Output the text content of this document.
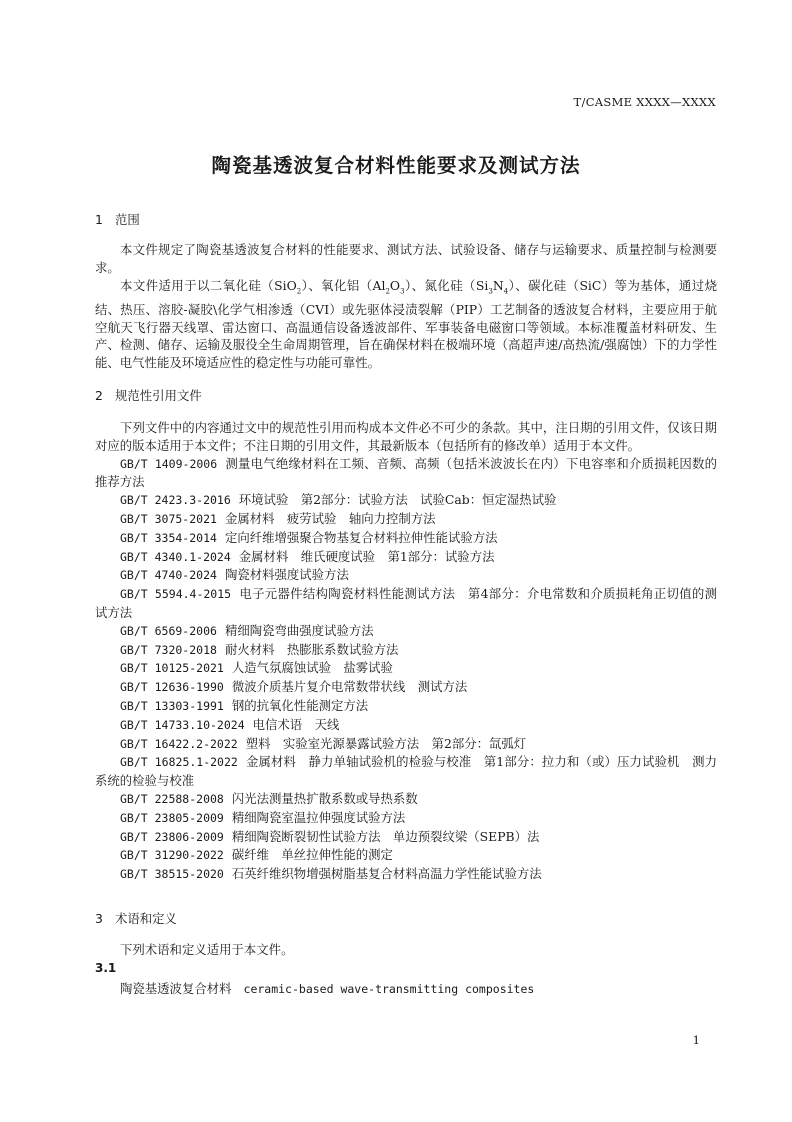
T/CASME XXXX—XXXX
陶瓷基透波复合材料性能要求及测试方法
1 范围

本文件规定了陶瓷基透波复合材料的性能要求、测试方法、试验设备、储存与运输要求、质量控制与检测要求。

本文件适用于以二氧化硅（SiO$_2$）、氧化铝$(Al_2O_3)$、氮化硅$(Si_3N_4)$、碳化硅（SiC）等为基体，通过烧结、热压、溶胶-凝胶\化学气相渗透（CVI）或先驱体浸渍裂解（PIP）工艺制备的透波复合材料，主要应用于航空航天飞行器天线罩、雷达窗口、高温通信设备透波部件、军事装备电磁窗口等领域。本标准覆盖材料研发、生产、检测、储存、运输及服役全生命周期管理，旨在确保材料在极端环境（高超声速/高热流/强腐蚀）下的力学性能、电气性能及环境适应性的稳定性与功能可靠性。

2 规范性引用文件

下列文件中的内容通过文中的规范性引用而构成本文件必不可少的条款。其中，注日期的引用文件，仅该日期对应的版本适用于本文件；不注日期的引用文件，其最新版本（包括所有的修改单）适用于本文件。

GB/T 1409-2006 测量电气绝缘材料在工频、音频、高频（包括米波波长在内）下电容率和介质损耗因数的推荐方法

GB/T 2423.3-2016 环境试验　第2部分：试验方法　试验Cab：恒定湿热试验

GB/T 3075-2021 金属材料　疲劳试验　轴向力控制方法

GB/T 3354-2014 定向纤维增强聚合物基复合材料拉伸性能试验方法

GB/T 4340.1-2024 金属材料　维氏硬度试验　第1部分：试验方法

GB/T 4740-2024 陶瓷材料强度试验方法

GB/T 5594.4-2015 电子元器件结构陶瓷材料性能测试方法　第4部分：介电常数和介质损耗角正切值的测试方法

GB/T 6569-2006 精细陶瓷弯曲强度试验方法

GB/T 7320-2018 耐火材料　热膨胀系数试验方法

GB/T 10125-2021 人造气氛腐蚀试验　盐雾试验

GB/T 12636-1990 微波介质基片复介电常数带状线　测试方法

GB/T 13303-1991 钢的抗氧化性能测定方法

GB/T 14733.10-2024 电信术语　天线

GB/T 16422.2-2022 塑料　实验室光源暴露试验方法　第2部分：氙弧灯

GB/T 16825.1-2022 金属材料　静力单轴试验机的检验与校准　第1部分：拉力和（或）压力试验机　测力系统的检验与校准

GB/T 22588-2008 闪光法测量热扩散系数或导热系数

GB/T 23805-2009 精细陶瓷室温拉伸强度试验方法

GB/T 23806-2009 精细陶瓷断裂韧性试验方法　单边预裂纹梁（SEPB）法

GB/T 31290-2022 碳纤维　单丝拉伸性能的测定

GB/T 38515-2020 石英纤维织物增强树脂基复合材料高温力学性能试验方法

3 术语和定义

下列术语和定义适用于本文件。

3.1
陶瓷基透波复合材料 ceramic-based wave-transmitting composites
1
